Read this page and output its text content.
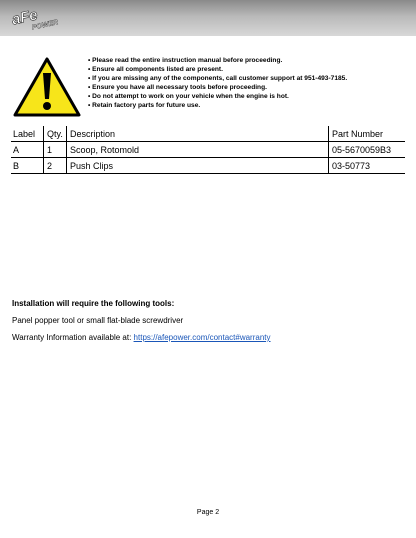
aFe
POWER
• Please read the entire instruction manual before proceeding.
• Ensure all components listed are present.
• If you are missing any of the components, call customer support at 951-493-7185.
• Ensure you have all necessary tools before proceeding.
• Do not attempt to work on your vehicle when the engine is hot.
• Retain factory parts for future use.
Label	Qty.	Description	Part Number
A	1	Scoop, Rotomold	05-5670059B3
B	2	Push Clips	03-50773

Installation will require the following tools:

Panel popper tool or small flat-blade screwdriver
Warranty Information available at: https://afepower.com/contact#warranty
Page 2
